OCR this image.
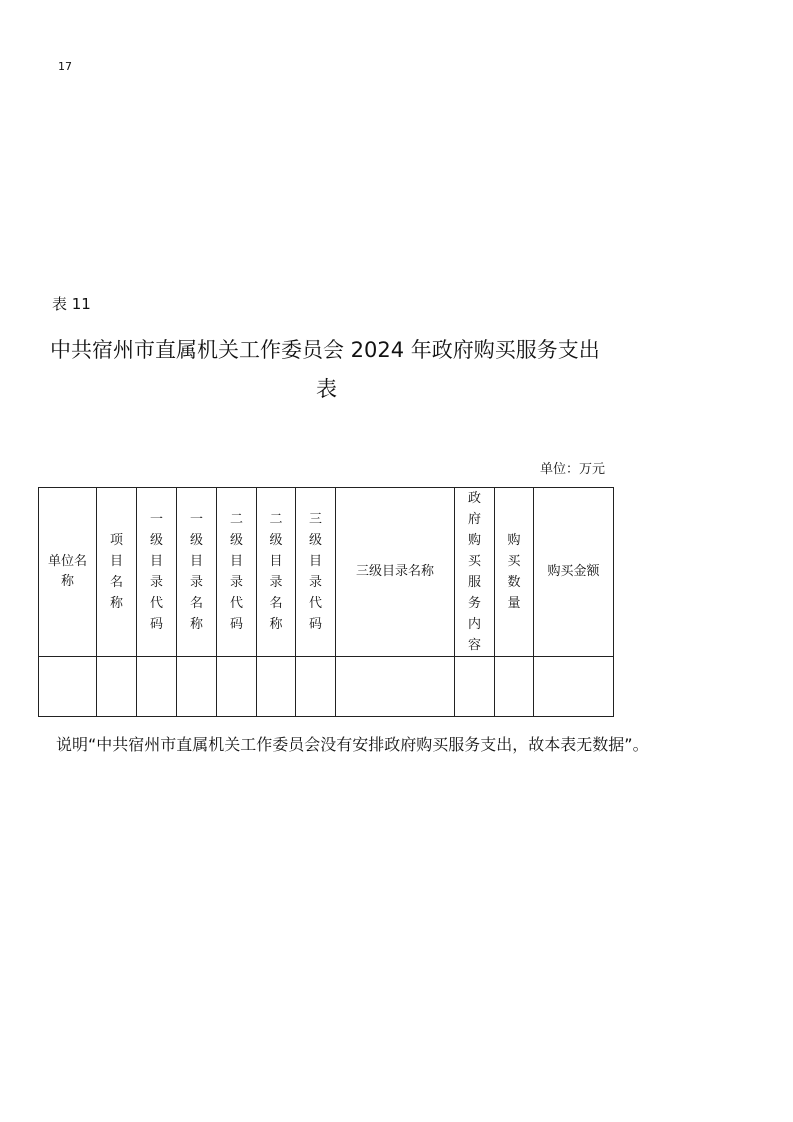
17
表 11
中共宿州市直属机关工作委员会 2024 年政府购买服务支出
表
单位：万元
单位名称	项目名称	一级目录代码	一级目录名称	二级目录代码	二级目录名称	三级目录代码	三级目录名称	政府购买服务内容	购买数量	购买金额

说明“中共宿州市直属机关工作委员会没有安排政府购买服务支出，故本表无数据”。
